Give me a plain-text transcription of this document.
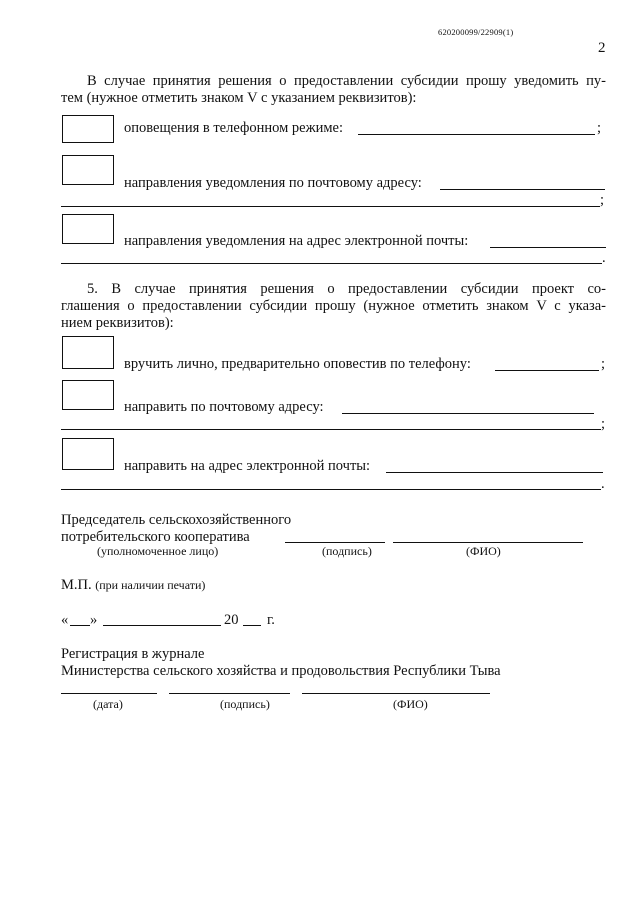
620200099/22909(1)
2
В случае принятия решения о предоставлении субсидии прошу уведомить пу-
тем (нужное отметить знаком V с указанием реквизитов):
оповещения в телефонном режиме:	;
направления уведомления по почтовому адресу:
;
направления уведомления на адрес электронной почты:
.
5. В случае принятия решения о предоставлении субсидии проект со-
глашения о предоставлении субсидии прошу (нужное отметить знаком V с указа-
нием реквизитов):
вручить лично, предварительно оповестив по телефону:	;
направить по почтовому адресу:
;
направить на адрес электронной почты:
.
Председатель сельскохозяйственного
потребительского кооператива
(уполномоченное лицо)	(подпись)	(ФИО)
М.П. (при наличии печати)
« »	20 г.
Регистрация в журнале
Министерства сельского хозяйства и продовольствия Республики Тыва
(дата)	(подпись)	(ФИО)
